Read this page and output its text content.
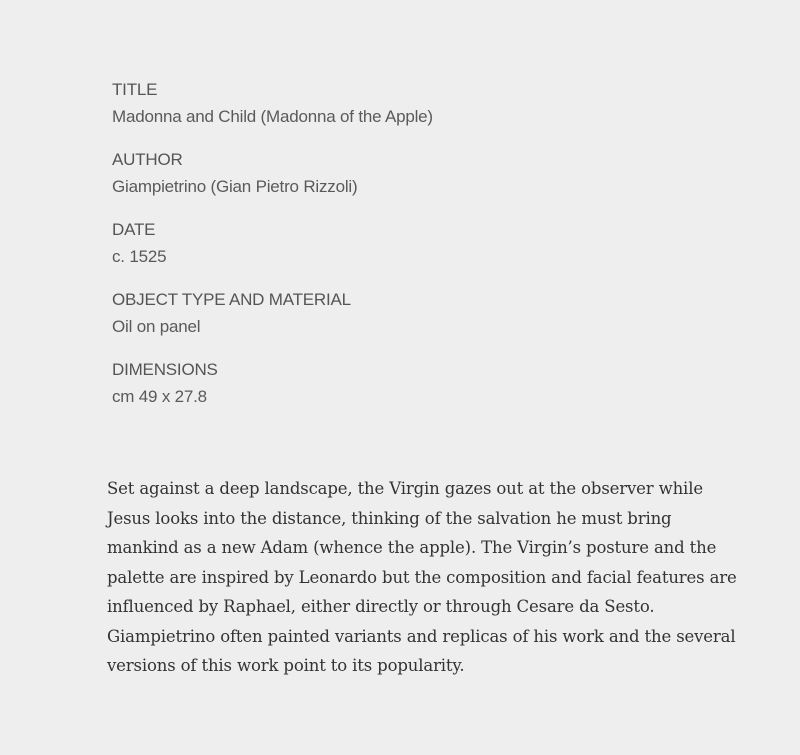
TITLE
Madonna and Child (Madonna of the Apple)
AUTHOR
Giampietrino (Gian Pietro Rizzoli)
DATE
c. 1525
OBJECT TYPE AND MATERIAL
Oil on panel
DIMENSIONS
cm 49 x 27.8

Set against a deep landscape, the Virgin gazes out at the observer while Jesus looks into the distance, thinking of the salvation he must bring mankind as a new Adam (whence the apple). The Virgin’s posture and the palette are inspired by Leonardo but the composition and facial features are influenced by Raphael, either directly or through Cesare da Sesto. Giampietrino often painted variants and replicas of his work and the several versions of this work point to its popularity.
